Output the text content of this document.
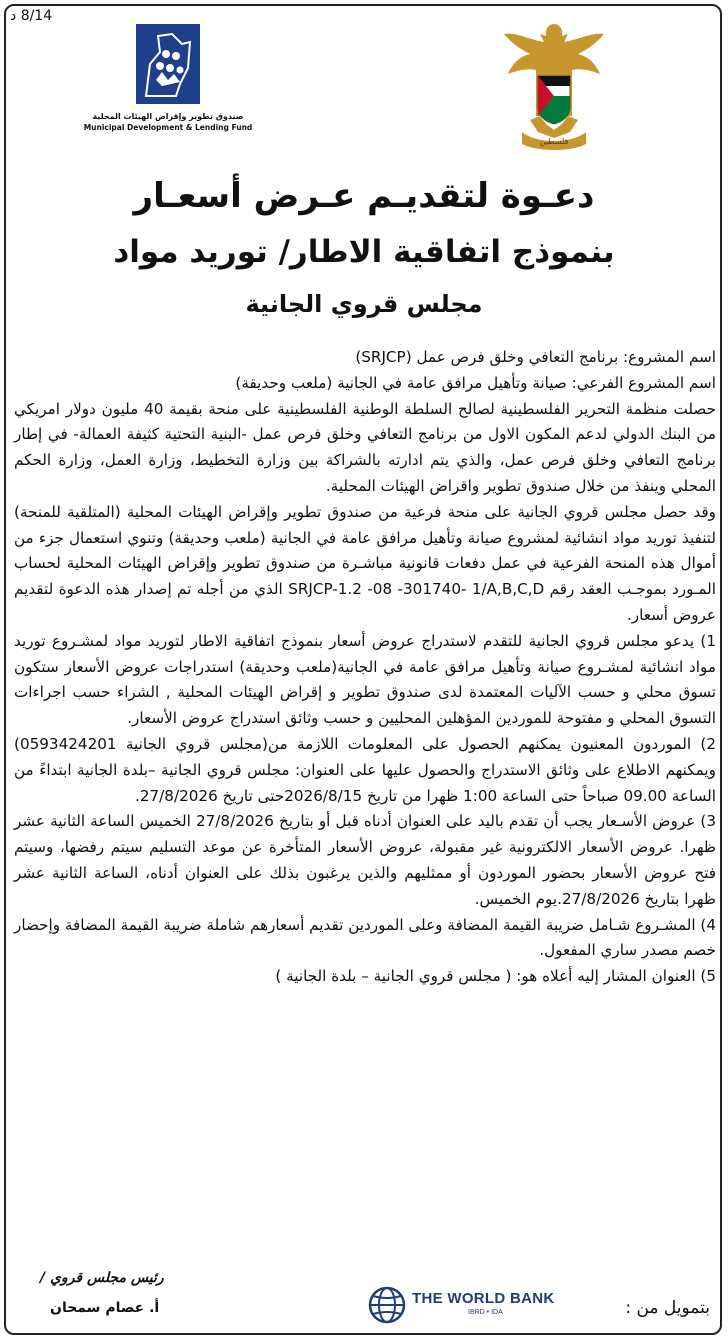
8/14 د
فلسطين
صندوق تطوير وإقراض الهيئات المحلية
Municipal Development & Lending Fund
دعـوة لتقديـم عـرض أسعـار
بنموذج اتفاقية الاطار/ توريد مواد
مجلس قروي الجانية

اسم المشروع: برنامج التعافي وخلق فرص عمل (SRJCP)

اسم المشروع الفرعي: صيانة وتأهيل مرافق عامة في الجانية (ملعب وحديقة)

حصلت منظمة التحرير الفلسطينية لصالح السلطة الوطنية الفلسطينية على منحة بقيمة 40 مليون دولار امريكي من البنك الدولي لدعم المكون الاول من برنامج التعافي وخلق فرص عمل -البنية التحتية كثيفة العمالة- في إطار برنامج التعافي وخلق فرص عمل، والذي يتم ادارته بالشراكة بين وزارة التخطيط، وزارة العمل، وزارة الحكم المحلي وينفذ من خلال صندوق تطوير واقراض الهيئات المحلية.

وقد حصل مجلس قروي الجانية على منحة فرعية من صندوق تطوير وإقراض الهيئات المحلية (المتلقية للمنحة) لتنفيذ توريد مواد انشائية لمشروع صيانة وتأهيل مرافق عامة في الجانية (ملعب وحديقة) وتنوي استعمال جزء من أموال هذه المنحة الفرعية في عمل دفعات قانونية مباشـرة من صندوق تطوير وإقراض الهيئات المحلية لحساب المـورد بموجـب العقد رقم SRJCP-1.2 -08 -301740- 1/A,B,C,D الذي من أجله تم إصدار هذه الدعوة لتقديم عروض أسعار.

1) يدعو مجلس قروي الجانية للتقدم لاستدراج عروض أسعار بنموذج اتفاقية الاطار لتوريد مواد لمشـروع توريد مواد انشائية لمشـروع صيانة وتأهيل مرافق عامة في الجانية(ملعب وحديقة) استدراجات عروض الأسعار ستكون تسوق محلي و حسب الآليات المعتمدة لدى صندوق تطوير و إقراض الهيئات المحلية , الشراء حسب اجراءات التسوق المحلي و مفتوحة للموردين المؤهلين المحليين و حسب وثائق استدراج عروض الأسعار.

2) الموردون المعنيون يمكنهم الحصول على المعلومات اللازمة من(مجلس قروي الجانية 0593424201) ويمكنهم الاطلاع على وثائق الاستدراج والحصول عليها على العنوان: مجلس قروي الجانية –بلدة الجانية ابتداءً من الساعة 09.00 صباحاً حتى الساعة 1:00 ظهرا من تاريخ 2026/8/15حتى تاريخ 27/8/2026.

3) عروض الأسـعار يجب أن تقدم باليد على العنوان أدناه قبل أو بتاريخ 27/8/2026 الخميس الساعة الثانية عشر ظهرا. عروض الأسعار الالكترونية غير مقبولة، عروض الأسعار المتأخرة عن موعد التسليم سيتم رفضها، وسيتم فتح عروض الأسعار بحضور الموردون أو ممثليهم والذين يرغبون بذلك على العنوان أدناه، الساعة الثانية عشر ظهرا بتاريخ 27/8/2026.يوم الخميس.

4) المشـروع شـامل ضريبة القيمة المضافة وعلى الموردين تقديم أسعارهم شاملة ضريبة القيمة المضافة وإحضار خصم مصدر ساري المفعول.

5) العنوان المشار إليه أعلاه هو: ( مجلس قروي الجانية – بلدة الجانية )

رئيس مجلس قروي /
أ. عصام سمحان
THE WORLD BANK
IBRD • IDA	بتمويل من :
